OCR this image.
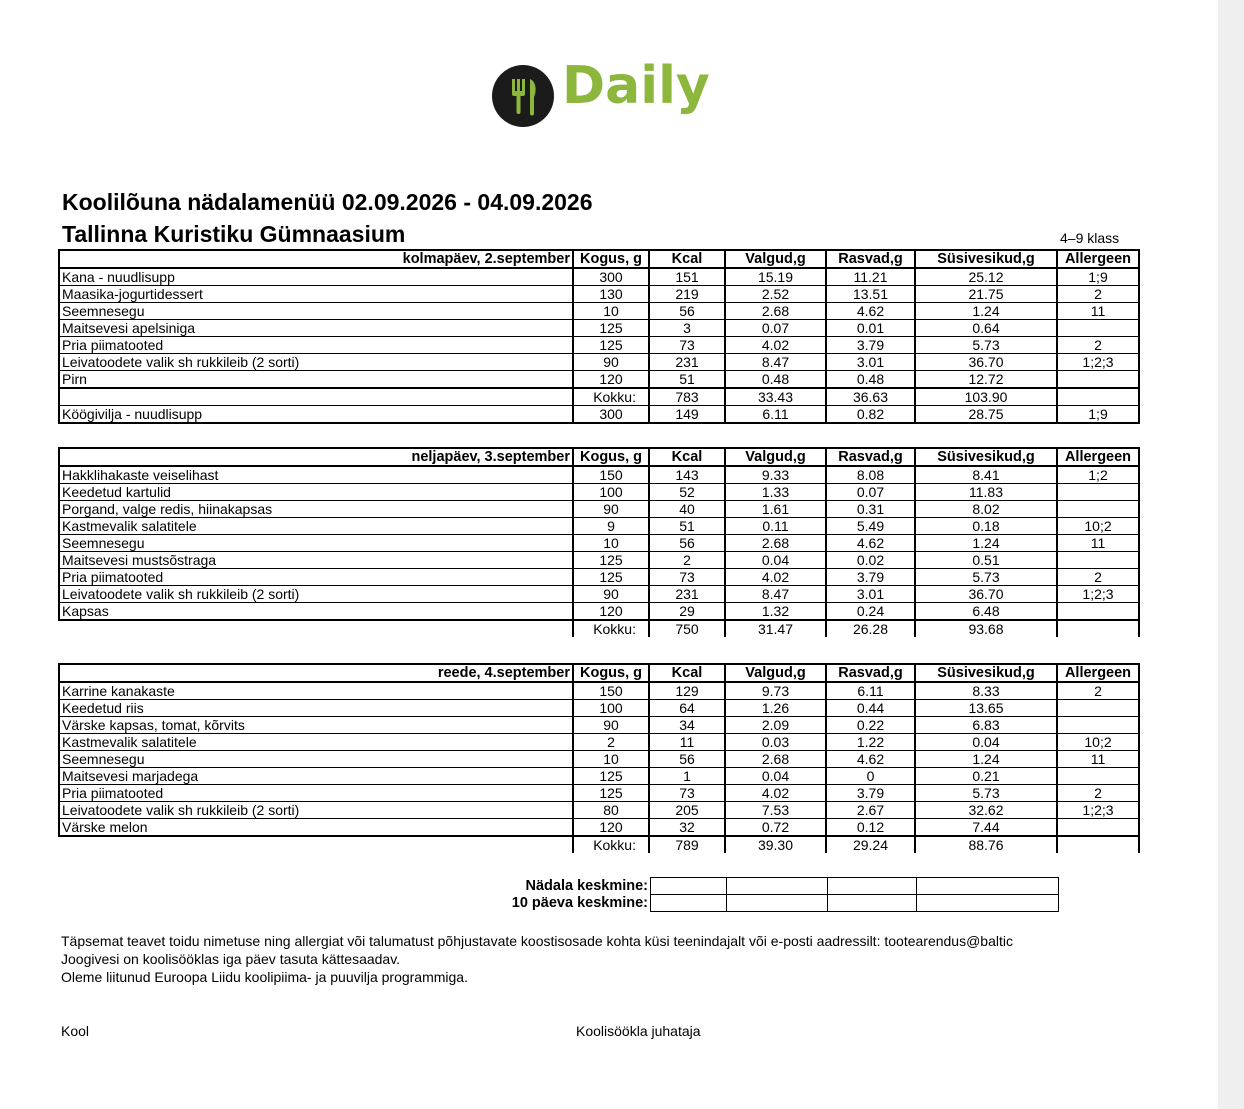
Daily
Koolilõuna nädalamenüü 02.09.2026 - 04.09.2026
Tallinna Kuristiku Gümnaasium	4–9 klass
kolmapäev, 2.september	Kogus, g	Kcal	Valgud,g	Rasvad,g	Süsivesikud,g	Allergeen
Kana - nuudlisupp	300	151	15.19	11.21	25.12	1;9
Maasika-jogurtidessert	130	219	2.52	13.51	21.75	2
Seemnesegu	10	56	2.68	4.62	1.24	11
Maitsevesi apelsiniga	125	3	0.07	0.01	0.64	
Pria piimatooted	125	73	4.02	3.79	5.73	2
Leivatoodete valik sh rukkileib (2 sorti)	90	231	8.47	3.01	36.70	1;2;3
Pirn	120	51	0.48	0.48	12.72	
	Kokku:	783	33.43	36.63	103.90	
Köögivilja - nuudlisupp	300	149	6.11	0.82	28.75	1;9
neljapäev, 3.september	Kogus, g	Kcal	Valgud,g	Rasvad,g	Süsivesikud,g	Allergeen
Hakklihakaste veiselihast	150	143	9.33	8.08	8.41	1;2
Keedetud kartulid	100	52	1.33	0.07	11.83	
Porgand, valge redis, hiinakapsas	90	40	1.61	0.31	8.02	
Kastmevalik salatitele	9	51	0.11	5.49	0.18	10;2
Seemnesegu	10	56	2.68	4.62	1.24	11
Maitsevesi mustsõstraga	125	2	0.04	0.02	0.51	
Pria piimatooted	125	73	4.02	3.79	5.73	2
Leivatoodete valik sh rukkileib (2 sorti)	90	231	8.47	3.01	36.70	1;2;3
Kapsas	120	29	1.32	0.24	6.48	
	Kokku:	750	31.47	26.28	93.68	
reede, 4.september	Kogus, g	Kcal	Valgud,g	Rasvad,g	Süsivesikud,g	Allergeen
Karrine kanakaste	150	129	9.73	6.11	8.33	2
Keedetud riis	100	64	1.26	0.44	13.65	
Värske kapsas, tomat, kõrvits	90	34	2.09	0.22	6.83	
Kastmevalik salatitele	2	11	0.03	1.22	0.04	10;2
Seemnesegu	10	56	2.68	4.62	1.24	11
Maitsevesi marjadega	125	1	0.04	0	0.21	
Pria piimatooted	125	73	4.02	3.79	5.73	2
Leivatoodete valik sh rukkileib (2 sorti)	80	205	7.53	2.67	32.62	1;2;3
Värske melon	120	32	0.72	0.12	7.44	
	Kokku:	789	39.30	29.24	88.76	
Nädala keskmine:				
10 päeva keskmine:				
Täpsemat teavet toidu nimetuse ning allergiat või talumatust põhjustavate koostisosade kohta küsi teenindajalt või e-posti aadressilt: tootearendus@baltic
Joogivesi on koolisööklas iga päev tasuta kättesaadav.
Oleme liitunud Euroopa Liidu koolipiima- ja puuvilja programmiga.
Kool	Koolisöökla juhataja
